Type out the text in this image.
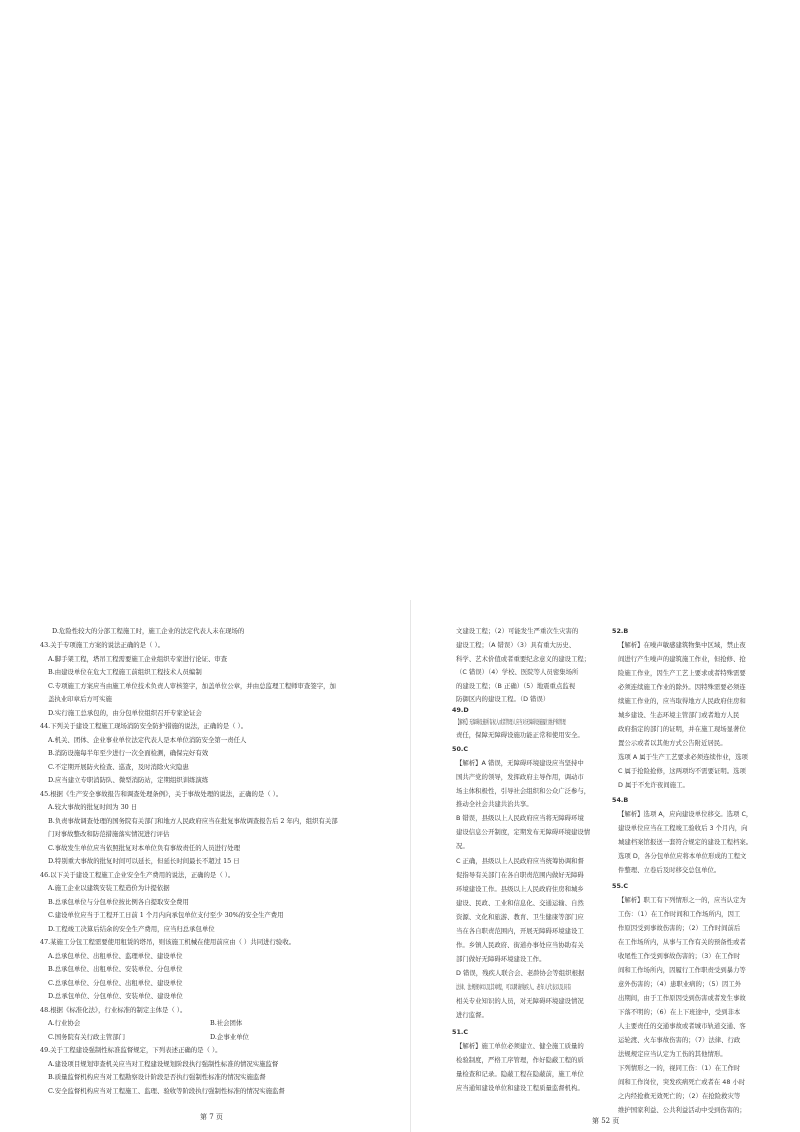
D.危险性较大的分部工程施工时，施工企业的法定代表人未在现场的
43.关于专项施工方案的说法正确的是（ ）。
A.脚手架工程，塔吊工程需要施工企业组织专家进行论证、审查
B.由建设单位在危大工程施工前组织工程技术人员编制
C.专项施工方案应当由施工单位技术负责人审核签字，加盖单位公章，并由总监理工程师审查签字，加
盖执业印章后方可实施
D.实行施工总承包的，由分包单位组织召开专家论证会
44.下列关于建设工程施工现场消防安全防护措施的说法，正确的是（ ）。
A.机关、团体、企业事业单位法定代表人是本单位消防安全第一责任人
B.消防设施每半年至少进行一次全面检测，确保完好有效
C.不定期开展防火检查、巡查，及时消除火灾隐患
D.应当建立专职消防队、微型消防站，定期组织训练演练
45.根据《生产安全事故报告和调查处理条例》，关于事故处理的说法，正确的是（ ）。
A.较大事故的批复时间为 30 日
B.负责事故调查处理的国务院有关部门和地方人民政府应当在批复事故调查报告后 2 年内，组织有关部
门对事故整改和防范措施落实情况进行评估
C.事故发生单位应当依照批复对本单位负有事故责任的人员进行处理
D.特别重大事故的批复时间可以延长，但延长时间最长不超过 15 日
46.以下关于建设工程施工企业安全生产费用的说法，正确的是（ ）。
A.施工企业以建筑安装工程造价为计提依据
B.总承包单位与分包单位按比例各自提取安全费用
C.建设单位应当于工程开工日前 1 个月内向承包单位支付至少 30%的安全生产费用
D.工程竣工决算后结余的安全生产费用，应当归总承包单位
47.某施工分包工程需要使用租赁的塔吊，则该施工机械在使用前应由（ ）共同进行验收。
A.总承包单位、出租单位、监理单位、建设单位
B.总承包单位、出租单位、安装单位、分包单位
C.总承包单位、分包单位、出租单位、建设单位
D.总承包单位、分包单位、安装单位、建设单位
48.根据《标准化法》，行业标准的制定主体是（ ）。
A.行业协会	B.社会团体
C.国务院有关行政主管部门	D.企事业单位
49.关于工程建设强制性标准监督规定，下列表述正确的是（ ）。
A.建设项目规划审查机关应当对工程建设规划阶段执行强制性标准的情况实施监督
B.质量监督机构应当对工程勘察设计阶段是否执行强制性标准的情况实施监督
C.安全监督机构应当对工程施工、监理、验收等阶段执行强制性标准的情况实施监督
第 7 页
文建设工程；（2）可能发生严重次生灾害的
建设工程；（A 错误）（3）具有重大历史、
科学、艺术价值或者重要纪念意义的建设工程；
（C 错误）（4）学校、医院等人员密集场所
的建设工程；（B 正确）（5）地震重点监视
防御区内的建设工程。（D 错误）
49.D
【解析】无障碍设施所有权人或者管理人应当对无障碍设施履行维护和管理
责任，保障无障碍设施功能正常和使用安全。
50.C
【解析】A 错误，无障碍环境建设应当坚持中
国共产党的领导，发挥政府主导作用，调动市
场主体积极性，引导社会组织和公众广泛参与，
推动全社会共建共治共享。
B 错误，县级以上人民政府应当将无障碍环境
建设信息公开制度，定期发布无障碍环境建设情
况。
C 正确，县级以上人民政府应当统筹协调和督
促指导有关部门在各自职责范围内做好无障碍
环境建设工作。县级以上人民政府住房和城乡
建设、民政、工业和信息化、交通运输、自然
资源、文化和旅游、教育、卫生健康等部门应
当在各自职责范围内，开展无障碍环境建设工
作。乡镇人民政府、街道办事处应当协助有关
部门做好无障碍环境建设工作。
D 错误，残疾人联合会、老龄协会等组织根据
法律、法规规章以及其章程，可以聘请残疾人、老年人代表以及具有
相关专业知识的人员，对无障碍环境建设情况
进行监督。
51.C
【解析】施工单位必须建立、健全施工质量的
检验制度，严格工序管理，作好隐蔽工程的质
量检查和记录。隐蔽工程在隐蔽前，施工单位
应当通知建设单位和建设工程质量监督机构。
52.B
【解析】在噪声敏感建筑物集中区域，禁止夜
间进行产生噪声的建筑施工作业，但抢修、抢
险施工作业，因生产工艺上要求或者特殊需要
必须连续施工作业的除外。因特殊需要必须连
续施工作业的，应当取得地方人民政府住房和
城乡建设、生态环境主管部门或者地方人民
政府指定的部门的证明，并在施工现场显著位
置公示或者以其他方式公告附近居民。
选项 A 属于生产工艺要求必须连续作业，选项
C 属于抢险抢修，这两项均不需要证明。选项
D 属于不允许夜间施工。
54.B
【解析】选项 A，应向建设单位移交。选项 C，
建设单位应当在工程竣工验收后 3 个月内，向
城建档案馆报送一套符合规定的建设工程档案。
选项 D，各分包单位应将本单位形成的工程文
件整理、立卷后及时移交总包单位。
55.C
【解析】职工有下列情形之一的，应当认定为
工伤：（1）在工作时间和工作场所内，因工
作原因受到事故伤害的；（2）工作时间前后
在工作场所内，从事与工作有关的预备性或者
收尾性工作受到事故伤害的；（3）在工作时
间和工作场所内，因履行工作职责受到暴力等
意外伤害的；（4）患职业病的；（5）因工外
出期间，由于工作原因受到伤害或者发生事故
下落不明的；（6）在上下班途中，受到非本
人主要责任的交通事故或者城市轨道交通、客
运轮渡、火车事故伤害的；（7）法律、行政
法规规定应当认定为工伤的其他情形。
下列情形之一的，视同工伤：（1）在工作时
间和工作岗位，突发疾病死亡或者在 48 小时
之内经抢救无效死亡的；（2）在抢险救灾等
维护国家利益、公共利益活动中受到伤害的；
第 52 页
